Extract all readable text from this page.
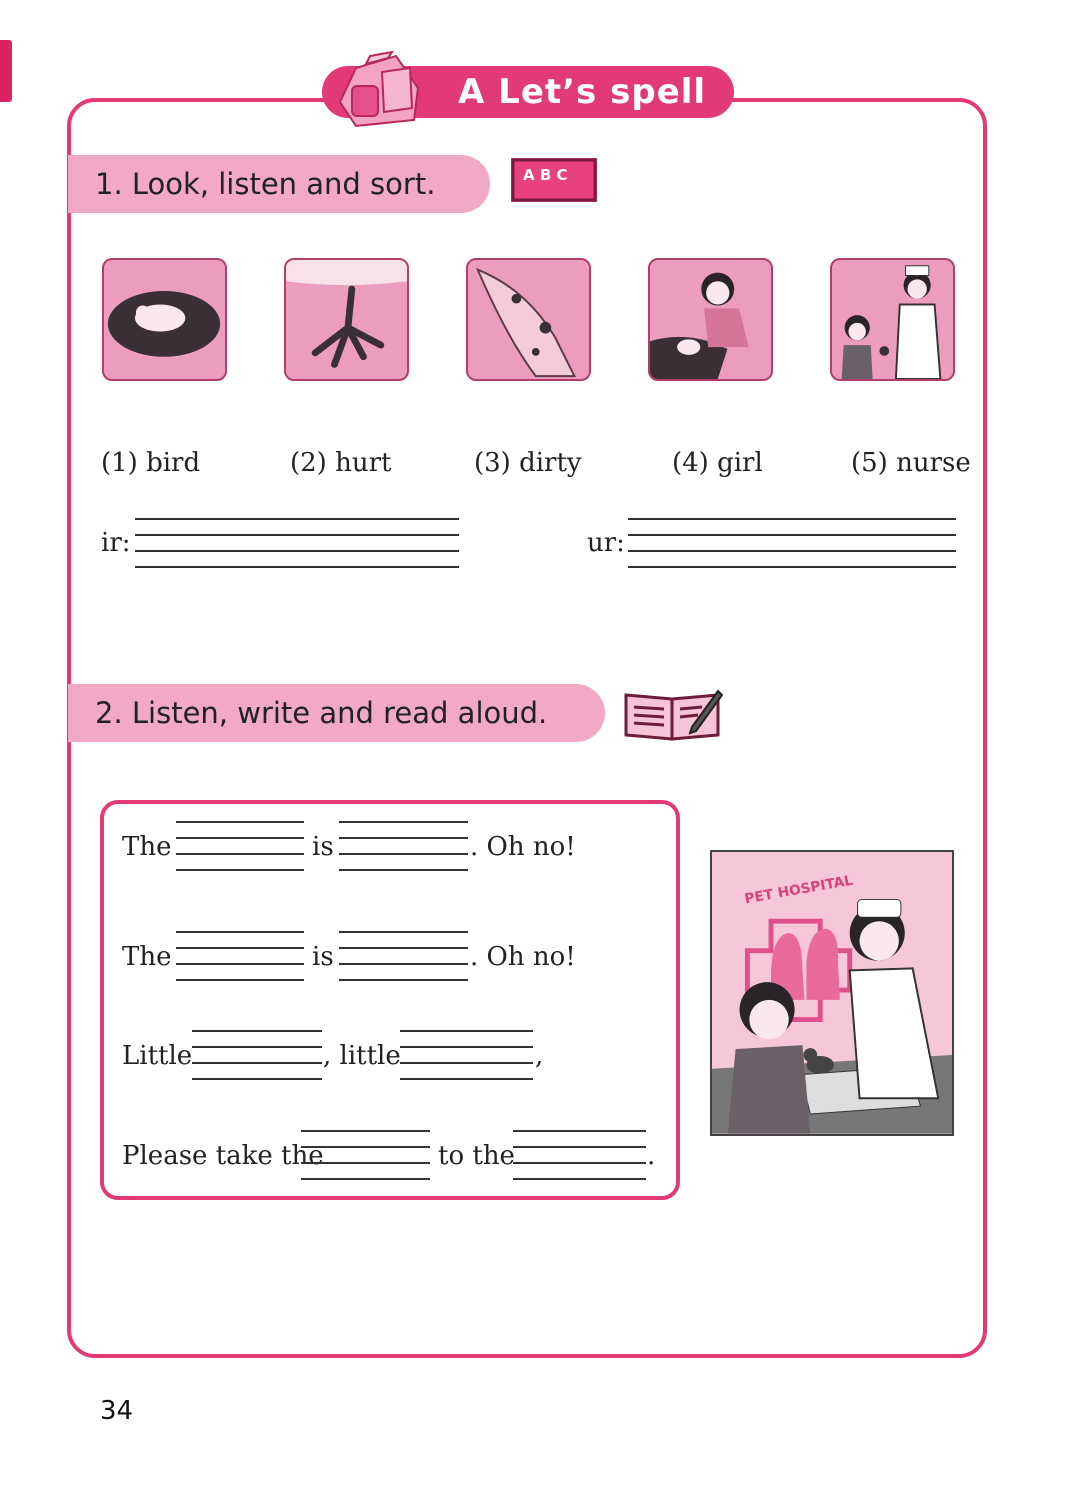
A Let’s spell
1. Look, listen and sort.	A B C
(1) bird	(2) hurt	(3) dirty	(4) girl	(5) nurse
ir:	ur:
2. Listen, write and read aloud.
The	is	. Oh no!
The	is	. Oh no!
Little	, little	,
Please take the	to the	.
PET HOSPITAL
34
